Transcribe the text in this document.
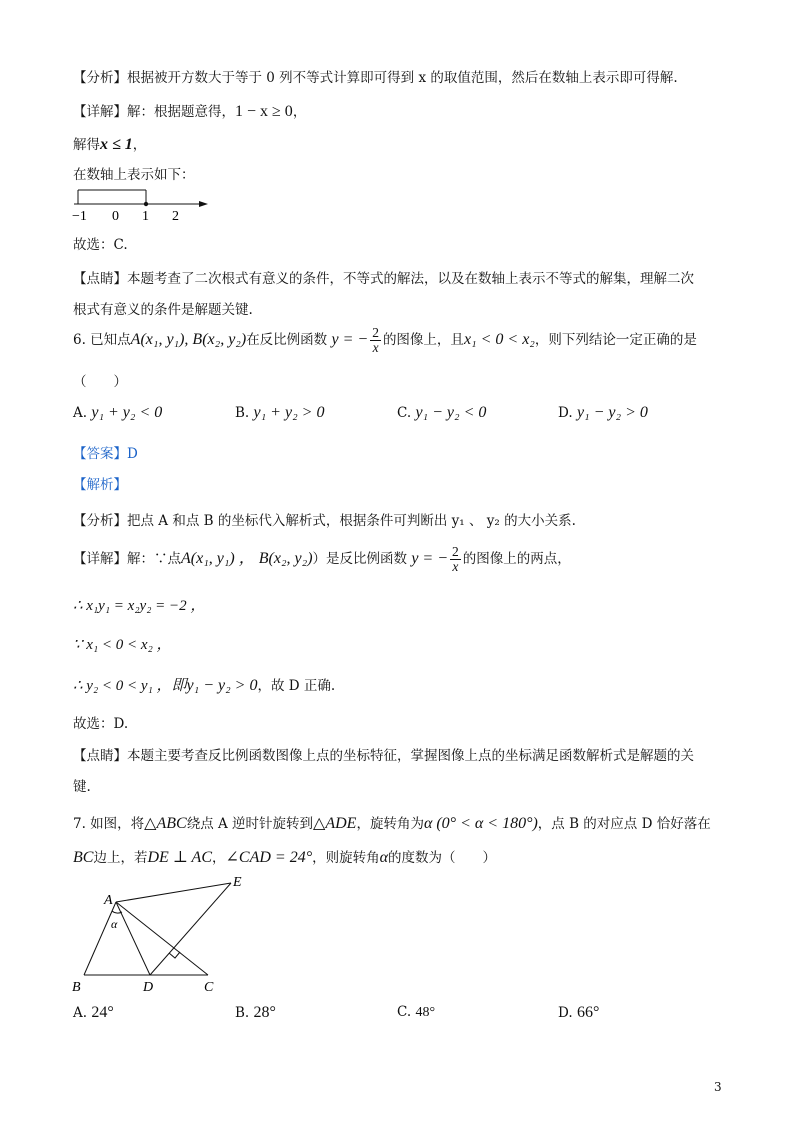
【分析】根据被开方数大于等于 0 列不等式计算即可得到 x 的取值范围，然后在数轴上表示即可得解.
【详解】解：根据题意得，1 − x ≥ 0，
解得x ≤ 1，
在数轴上表示如下：
−1 0 1 2
故选：C.
【点睛】本题考查了二次根式有意义的条件，不等式的解法，以及在数轴上表示不等式的解集，理解二次
根式有意义的条件是解题关键.
6. 已知点A(x₁, y₁), B(x₂, y₂)在反比例函数 y = − $\frac{2}{x}$ 的图像上，且x₁ < 0 < x₂，则下列结论一定正确的是
（　　）
A. y₁ + y₂ < 0	B. y₁ + y₂ > 0	C. y₁ − y₂ < 0	D. y₁ − y₂ > 0
【答案】D
【解析】
【分析】把点 A 和点 B 的坐标代入解析式，根据条件可判断出 y₁ 、 y₂ 的大小关系.
【详解】解：∵点A(x₁, y₁) ， B(x₂, y₂)）是反比例函数 y = − $\frac{2}{x}$ 的图像上的两点，
∴ x₁y₁ = x₂y₂ = −2 ，
∵ x₁ < 0 < x₂ ，
∴ y₂ < 0 < y₁ ，即y₁ − y₂ > 0，故 D 正确.
故选：D.
【点睛】本题主要考查反比例函数图像上点的坐标特征，掌握图像上点的坐标满足函数解析式是解题的关
键.
7. 如图，将△ABC绕点 A 逆时针旋转到△ADE，旋转角为α (0° < α < 180°)，点 B 的对应点 D 恰好落在
BC边上，若DE ⊥ AC，∠CAD = 24°，则旋转角α的度数为（　　）
A
B	D	C
E
α
A. 24°	B. 28°	C. 48°	D. 66°
3
